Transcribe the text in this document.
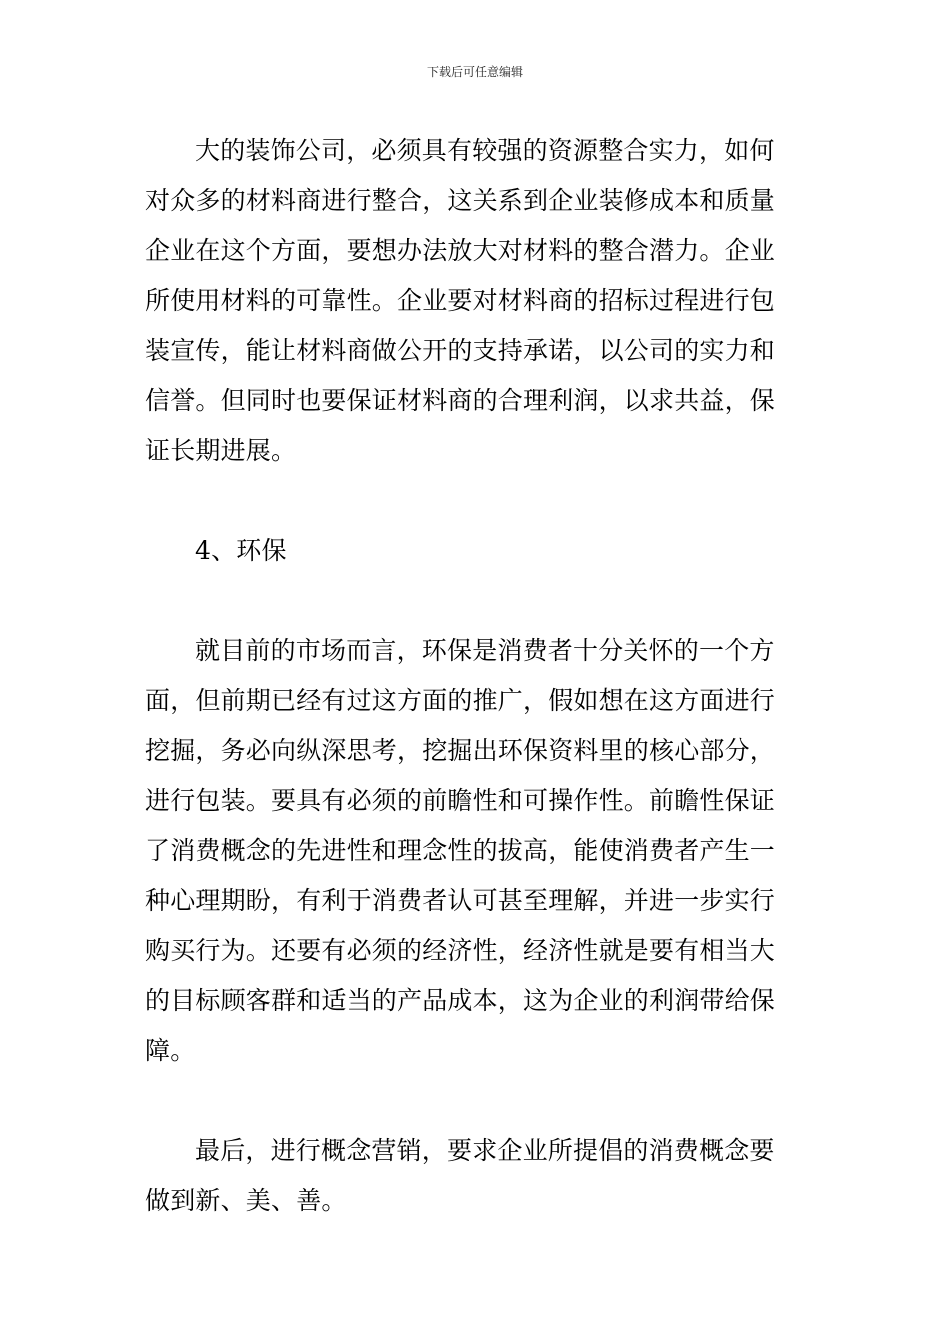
下载后可任意编辑
大的装饰公司，必须具有较强的资源整合实力，如何
对众多的材料商进行整合，这关系到企业装修成本和质量
企业在这个方面，要想办法放大对材料的整合潜力。企业
所使用材料的可靠性。企业要对材料商的招标过程进行包
装宣传，能让材料商做公开的支持承诺，以公司的实力和
信誉。但同时也要保证材料商的合理利润，以求共益，保
证长期进展。
4、环保
就目前的市场而言，环保是消费者十分关怀的一个方
面，但前期已经有过这方面的推广，假如想在这方面进行
挖掘，务必向纵深思考，挖掘出环保资料里的核心部分，
进行包装。要具有必须的前瞻性和可操作性。前瞻性保证
了消费概念的先进性和理念性的拔高，能使消费者产生一
种心理期盼，有利于消费者认可甚至理解，并进一步实行
购买行为。还要有必须的经济性，经济性就是要有相当大
的目标顾客群和适当的产品成本，这为企业的利润带给保
障。
最后，进行概念营销，要求企业所提倡的消费概念要
做到新、美、善。
